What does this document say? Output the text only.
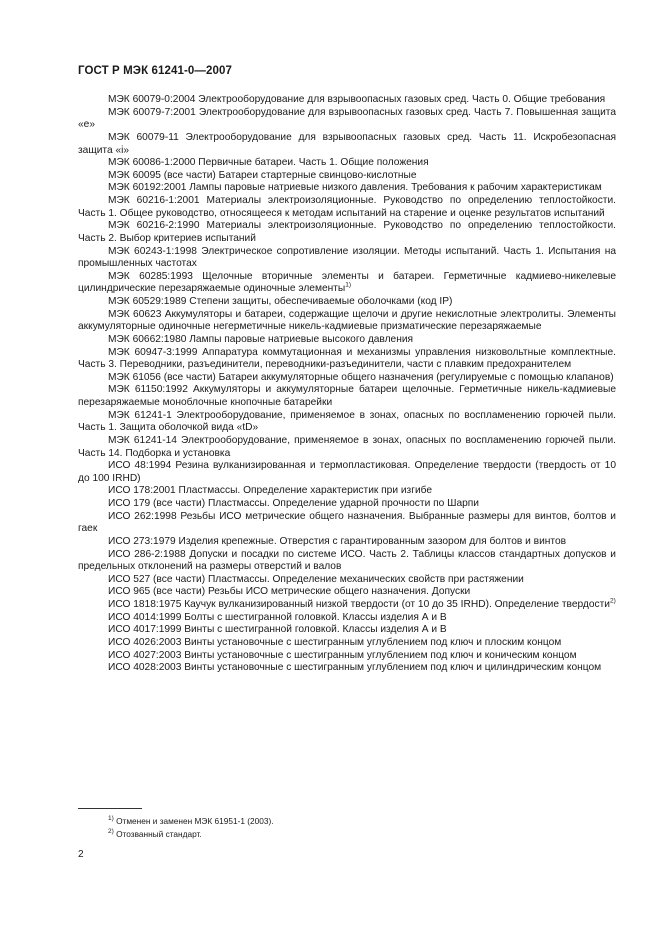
ГОСТ Р МЭК 61241-0—2007

МЭК 60079-0:2004 Электрооборудование для взрывоопасных газовых сред. Часть 0. Общие требования

МЭК 60079-7:2001 Электрооборудование для взрывоопасных газовых сред. Часть 7. Повышенная защита «е»

МЭК 60079-11 Электрооборудование для взрывоопасных газовых сред. Часть 11. Искробезопасная защита «i»

МЭК 60086-1:2000 Первичные батареи. Часть 1. Общие положения

МЭК 60095 (все части) Батареи стартерные свинцово-кислотные

МЭК 60192:2001 Лампы паровые натриевые низкого давления. Требования к рабочим характеристикам

МЭК 60216-1:2001 Материалы электроизоляционные. Руководство по определению теплостойкости. Часть 1. Общее руководство, относящееся к методам испытаний на старение и оценке результатов испытаний

МЭК 60216-2:1990 Материалы электроизоляционные. Руководство по определению теплостойкости. Часть 2. Выбор критериев испытаний

МЭК 60243-1:1998 Электрическое сопротивление изоляции. Методы испытаний. Часть 1. Испытания на промышленных частотах

МЭК 60285:1993 Щелочные вторичные элементы и батареи. Герметичные кадмиево-никелевые цилиндрические перезаряжаемые одиночные элементы$^{1)}$

МЭК 60529:1989 Степени защиты, обеспечиваемые оболочками (код IP)

МЭК 60623 Аккумуляторы и батареи, содержащие щелочи и другие некислотные электролиты. Элементы аккумуляторные одиночные негерметичные никель-кадмиевые призматические перезаряжаемые

МЭК 60662:1980 Лампы паровые натриевые высокого давления

МЭК 60947-3:1999 Аппаратура коммутационная и механизмы управления низковольтные комплектные. Часть 3. Переводники, разъединители, переводники-разъединители, части с плавким предохранителем

МЭК 61056 (все части) Батареи аккумуляторные общего назначения (регулируемые с помощью клапанов)

МЭК 61150:1992 Аккумуляторы и аккумуляторные батареи щелочные. Герметичные никель-кадмиевые перезаряжаемые моноблочные кнопочные батарейки

МЭК 61241-1 Электрооборудование, применяемое в зонах, опасных по воспламенению горючей пыли. Часть 1. Защита оболочкой вида «tD»

МЭК 61241-14 Электрооборудование, применяемое в зонах, опасных по воспламенению горючей пыли. Часть 14. Подборка и установка

ИСО 48:1994 Резина вулканизированная и термопластиковая. Определение твердости (твердость от 10 до 100 IRHD)

ИСО 178:2001 Пластмассы. Определение характеристик при изгибе

ИСО 179 (все части) Пластмассы. Определение ударной прочности по Шарпи

ИСО 262:1998 Резьбы ИСО метрические общего назначения. Выбранные размеры для винтов, болтов и гаек

ИСО 273:1979 Изделия крепежные. Отверстия с гарантированным зазором для болтов и винтов

ИСО 286-2:1988 Допуски и посадки по системе ИСО. Часть 2. Таблицы классов стандартных допусков и предельных отклонений на размеры отверстий и валов

ИСО 527 (все части) Пластмассы. Определение механических свойств при растяжении

ИСО 965 (все части) Резьбы ИСО метрические общего назначения. Допуски

ИСО 1818:1975 Каучук вулканизированный низкой твердости (от 10 до 35 IRHD). Определение твердости$^{2)}$

ИСО 4014:1999 Болты с шестигранной головкой. Классы изделия А и В

ИСО 4017:1999 Винты с шестигранной головкой. Классы изделия А и В

ИСО 4026:2003 Винты установочные с шестигранным углублением под ключ и плоским концом

ИСО 4027:2003 Винты установочные с шестигранным углублением под ключ и коническим концом

ИСО 4028:2003 Винты установочные с шестигранным углублением под ключ и цилиндрическим концом

$^{1)}$ Отменен и заменен МЭК 61951-1 (2003).

$^{2)}$ Отозванный стандарт.

2
